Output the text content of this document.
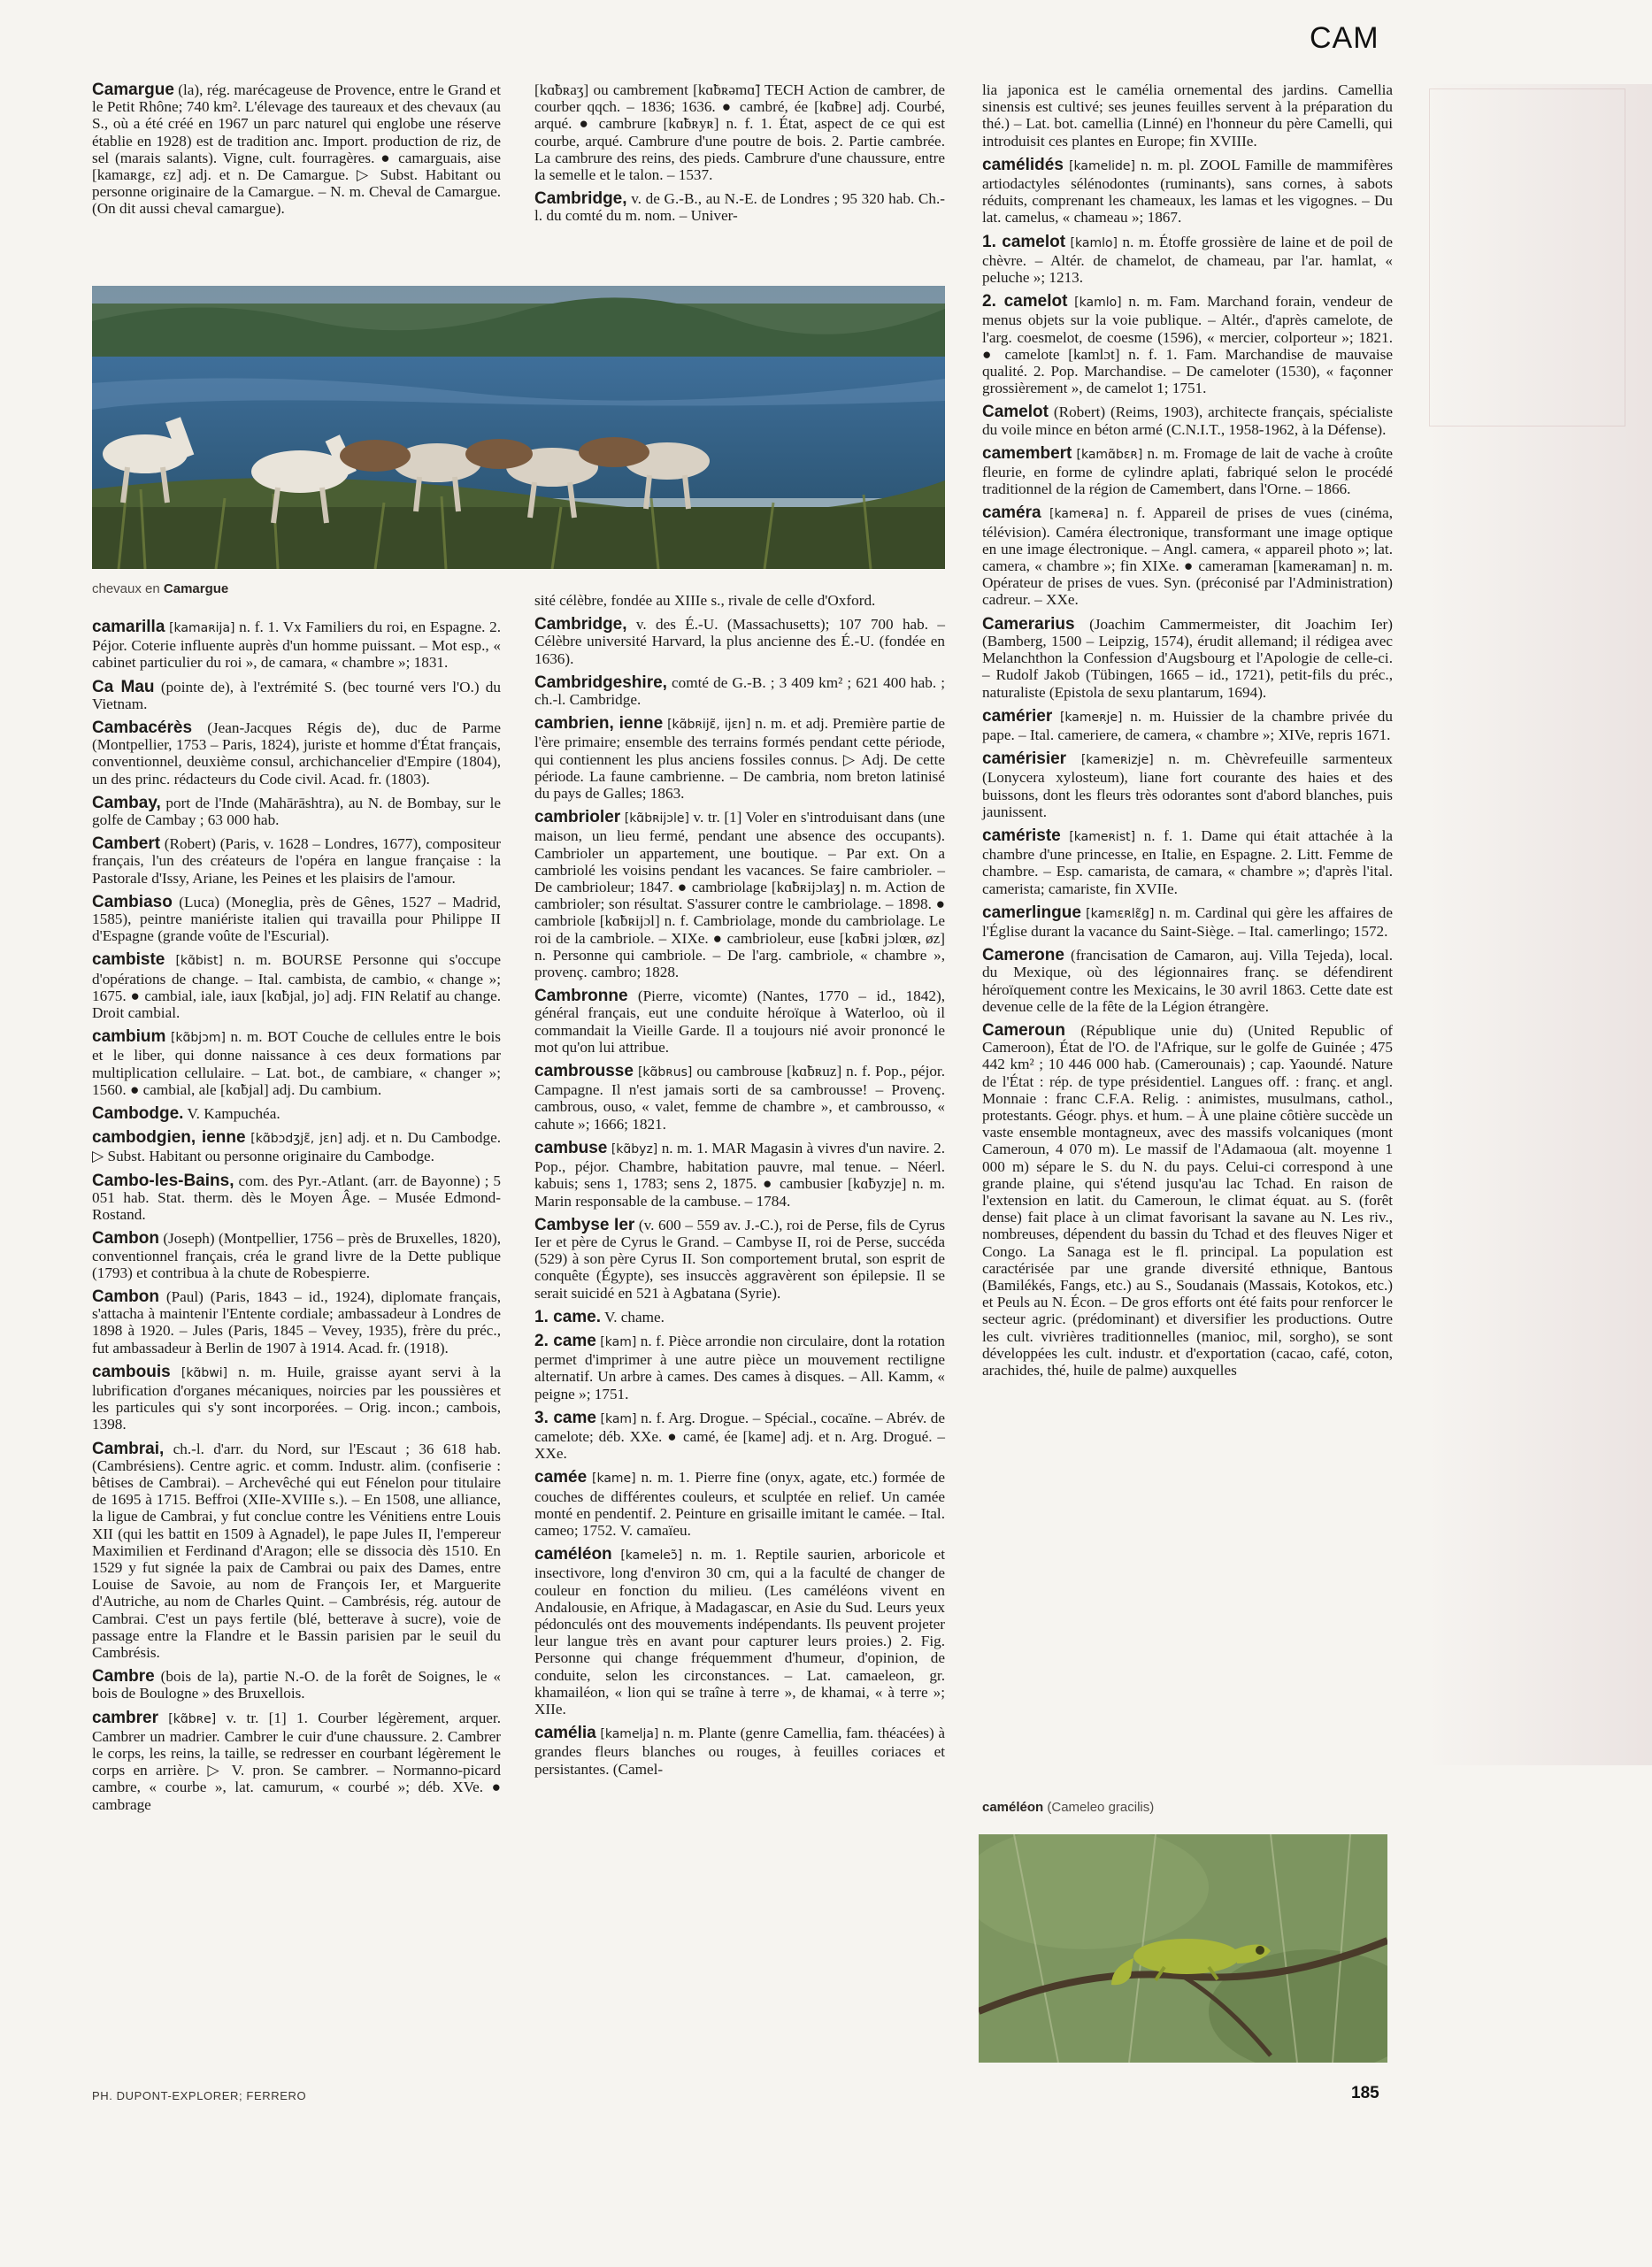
CAM

Camargue (la), rég. marécageuse de Provence, entre le Grand et le Petit Rhône; 740 km². L'élevage des taureaux et des chevaux (au S., où a été créé en 1967 un parc naturel qui englobe une réserve établie en 1928) est de tradition anc. Import. production de riz, de sel (marais salants). Vigne, cult. fourragères. ● camarguais, aise [kamaʀgɛ, ɛz] adj. et n. De Camargue. ▷ Subst. Habitant ou personne originaire de la Camargue. – N. m. Cheval de Camargue. (On dit aussi cheval camargue).

[kɑ̃bʀaʒ] ou cambrement [kɑ̃bʀəmɑ̃] TECH Action de cambrer, de courber qqch. – 1836; 1636. ● cambré, ée [kɑ̃bʀe] adj. Courbé, arqué. ● cambrure [kɑ̃bʀyʀ] n. f. 1. État, aspect de ce qui est courbe, arqué. Cambrure d'une poutre de bois. 2. Partie cambrée. La cambrure des reins, des pieds. Cambrure d'une chaussure, entre la semelle et le talon. – 1537.

Cambridge, v. de G.-B., au N.-E. de Londres ; 95 320 hab. Ch.-l. du comté du m. nom. – Univer-

chevaux en Camargue

camarilla [kamaʀija] n. f. 1. Vx Familiers du roi, en Espagne. 2. Péjor. Coterie influente auprès d'un homme puissant. – Mot esp., « cabinet particulier du roi », de camara, « chambre »; 1831.

Ca Mau (pointe de), à l'extrémité S. (bec tourné vers l'O.) du Vietnam.

Cambacérès (Jean-Jacques Régis de), duc de Parme (Montpellier, 1753 – Paris, 1824), juriste et homme d'État français, conventionnel, deuxième consul, archichancelier d'Empire (1804), un des princ. rédacteurs du Code civil. Acad. fr. (1803).

Cambay, port de l'Inde (Mahārāshtra), au N. de Bombay, sur le golfe de Cambay ; 63 000 hab.

Cambert (Robert) (Paris, v. 1628 – Londres, 1677), compositeur français, l'un des créateurs de l'opéra en langue française : la Pastorale d'Issy, Ariane, les Peines et les plaisirs de l'amour.

Cambiaso (Luca) (Moneglia, près de Gênes, 1527 – Madrid, 1585), peintre maniériste italien qui travailla pour Philippe II d'Espagne (grande voûte de l'Escurial).

cambiste [kɑ̃bist] n. m. BOURSE Personne qui s'occupe d'opérations de change. – Ital. cambista, de cambio, « change »; 1675. ● cambial, iale, iaux [kɑ̃bjal, jo] adj. FIN Relatif au change. Droit cambial.

cambium [kɑ̃bjɔm] n. m. BOT Couche de cellules entre le bois et le liber, qui donne naissance à ces deux formations par multiplication cellulaire. – Lat. bot., de cambiare, « changer »; 1560. ● cambial, ale [kɑ̃bjal] adj. Du cambium.

Cambodge. V. Kampuchéa.

cambodgien, ienne [kɑ̃bɔdʒjɛ̃, jɛn] adj. et n. Du Cambodge. ▷ Subst. Habitant ou personne originaire du Cambodge.

Cambo-les-Bains, com. des Pyr.-Atlant. (arr. de Bayonne) ; 5 051 hab. Stat. therm. dès le Moyen Âge. – Musée Edmond-Rostand.

Cambon (Joseph) (Montpellier, 1756 – près de Bruxelles, 1820), conventionnel français, créa le grand livre de la Dette publique (1793) et contribua à la chute de Robespierre.

Cambon (Paul) (Paris, 1843 – id., 1924), diplomate français, s'attacha à maintenir l'Entente cordiale; ambassadeur à Londres de 1898 à 1920. – Jules (Paris, 1845 – Vevey, 1935), frère du préc., fut ambassadeur à Berlin de 1907 à 1914. Acad. fr. (1918).

cambouis [kɑ̃bwi] n. m. Huile, graisse ayant servi à la lubrification d'organes mécaniques, noircies par les poussières et les particules qui s'y sont incorporées. – Orig. incon.; cambois, 1398.

Cambrai, ch.-l. d'arr. du Nord, sur l'Escaut ; 36 618 hab. (Cambrésiens). Centre agric. et comm. Industr. alim. (confiserie : bêtises de Cambrai). – Archevêché qui eut Fénelon pour titulaire de 1695 à 1715. Beffroi (XIIe-XVIIIe s.). – En 1508, une alliance, la ligue de Cambrai, y fut conclue contre les Vénitiens entre Louis XII (qui les battit en 1509 à Agnadel), le pape Jules II, l'empereur Maximilien et Ferdinand d'Aragon; elle se dissocia dès 1510. En 1529 y fut signée la paix de Cambrai ou paix des Dames, entre Louise de Savoie, au nom de François Ier, et Marguerite d'Autriche, au nom de Charles Quint. – Cambrésis, rég. autour de Cambrai. C'est un pays fertile (blé, betterave à sucre), voie de passage entre la Flandre et le Bassin parisien par le seuil du Cambrésis.

Cambre (bois de la), partie N.-O. de la forêt de Soignes, le « bois de Boulogne » des Bruxellois.

cambrer [kɑ̃bʀe] v. tr. [1] 1. Courber légèrement, arquer. Cambrer un madrier. Cambrer le cuir d'une chaussure. 2. Cambrer le corps, les reins, la taille, se redresser en courbant légèrement le corps en arrière. ▷ V. pron. Se cambrer. – Normanno-picard cambre, « courbe », lat. camurum, « courbé »; déb. XVe. ● cambrage

sité célèbre, fondée au XIIIe s., rivale de celle d'Oxford.

Cambridge, v. des É.-U. (Massachusetts); 107 700 hab. – Célèbre université Harvard, la plus ancienne des É.-U. (fondée en 1636).

Cambridgeshire, comté de G.-B. ; 3 409 km² ; 621 400 hab. ; ch.-l. Cambridge.

cambrien, ienne [kɑ̃bʀijɛ̃, ijɛn] n. m. et adj. Première partie de l'ère primaire; ensemble des terrains formés pendant cette période, qui contiennent les plus anciens fossiles connus. ▷ Adj. De cette période. La faune cambrienne. – De cambria, nom breton latinisé du pays de Galles; 1863.

cambrioler [kɑ̃bʀijɔle] v. tr. [1] Voler en s'introduisant dans (une maison, un lieu fermé, pendant une absence des occupants). Cambrioler un appartement, une boutique. – Par ext. On a cambriolé les voisins pendant les vacances. Se faire cambrioler. – De cambrioleur; 1847. ● cambriolage [kɑ̃bʀijɔlaʒ] n. m. Action de cambrioler; son résultat. S'assurer contre le cambriolage. – 1898. ● cambriole [kɑ̃bʀijɔl] n. f. Cambriolage, monde du cambriolage. Le roi de la cambriole. – XIXe. ● cambrioleur, euse [kɑ̃bʀi jɔlœʀ, øz] n. Personne qui cambriole. – De l'arg. cambriole, « chambre », provenç. cambro; 1828.

Cambronne (Pierre, vicomte) (Nantes, 1770 – id., 1842), général français, eut une conduite héroïque à Waterloo, où il commandait la Vieille Garde. Il a toujours nié avoir prononcé le mot qu'on lui attribue.

cambrousse [kɑ̃bʀus] ou cambrouse [kɑ̃bʀuz] n. f. Pop., péjor. Campagne. Il n'est jamais sorti de sa cambrousse! – Provenç. cambrous, ouso, « valet, femme de chambre », et cambrousso, « cahute »; 1666; 1821.

cambuse [kɑ̃byz] n. m. 1. MAR Magasin à vivres d'un navire. 2. Pop., péjor. Chambre, habitation pauvre, mal tenue. – Néerl. kabuis; sens 1, 1783; sens 2, 1875. ● cambusier [kɑ̃byzje] n. m. Marin responsable de la cambuse. – 1784.

Cambyse Ier (v. 600 – 559 av. J.-C.), roi de Perse, fils de Cyrus Ier et père de Cyrus le Grand. – Cambyse II, roi de Perse, succéda (529) à son père Cyrus II. Son comportement brutal, son esprit de conquête (Égypte), ses insuccès aggravèrent son épilepsie. Il se serait suicidé en 521 à Agbatana (Syrie).

1. came. V. chame.

2. came [kam] n. f. Pièce arrondie non circulaire, dont la rotation permet d'imprimer à une autre pièce un mouvement rectiligne alternatif. Un arbre à cames. Des cames à disques. – All. Kamm, « peigne »; 1751.

3. came [kam] n. f. Arg. Drogue. – Spécial., cocaïne. – Abrév. de camelote; déb. XXe. ● camé, ée [kame] adj. et n. Arg. Drogué. – XXe.

camée [kame] n. m. 1. Pierre fine (onyx, agate, etc.) formée de couches de différentes couleurs, et sculptée en relief. Un camée monté en pendentif. 2. Peinture en grisaille imitant le camée. – Ital. cameo; 1752. V. camaïeu.

caméléon [kameleɔ̃] n. m. 1. Reptile saurien, arboricole et insectivore, long d'environ 30 cm, qui a la faculté de changer de couleur en fonction du milieu. (Les caméléons vivent en Andalousie, en Afrique, à Madagascar, en Asie du Sud. Leurs yeux pédonculés ont des mouvements indépendants. Ils peuvent projeter leur langue très en avant pour capturer leurs proies.) 2. Fig. Personne qui change fréquemment d'humeur, d'opinion, de conduite, selon les circonstances. – Lat. camaeleon, gr. khamailéon, « lion qui se traîne à terre », de khamai, « à terre »; XIIe.

camélia [kamelja] n. m. Plante (genre Camellia, fam. théacées) à grandes fleurs blanches ou rouges, à feuilles coriaces et persistantes. (Camel-

lia japonica est le camélia ornemental des jardins. Camellia sinensis est cultivé; ses jeunes feuilles servent à la préparation du thé.) – Lat. bot. camellia (Linné) en l'honneur du père Camelli, qui introduisit ces plantes en Europe; fin XVIIIe.

camélidés [kamelide] n. m. pl. ZOOL Famille de mammifères artiodactyles sélénodontes (ruminants), sans cornes, à sabots réduits, comprenant les chameaux, les lamas et les vigognes. – Du lat. camelus, « chameau »; 1867.

1. camelot [kamlo] n. m. Étoffe grossière de laine et de poil de chèvre. – Altér. de chamelot, de chameau, par l'ar. hamlat, « peluche »; 1213.

2. camelot [kamlo] n. m. Fam. Marchand forain, vendeur de menus objets sur la voie publique. – Altér., d'après camelote, de l'arg. coesmelot, de coesme (1596), « mercier, colporteur »; 1821. ● camelote [kamlɔt] n. f. 1. Fam. Marchandise de mauvaise qualité. 2. Pop. Marchandise. – De cameloter (1530), « façonner grossièrement », de camelot 1; 1751.

Camelot (Robert) (Reims, 1903), architecte français, spécialiste du voile mince en béton armé (C.N.I.T., 1958-1962, à la Défense).

camembert [kamɑ̃bɛʀ] n. m. Fromage de lait de vache à croûte fleurie, en forme de cylindre aplati, fabriqué selon le procédé traditionnel de la région de Camembert, dans l'Orne. – 1866.

caméra [kameʀa] n. f. Appareil de prises de vues (cinéma, télévision). Caméra électronique, transformant une image optique en une image électronique. – Angl. camera, « appareil photo »; lat. camera, « chambre »; fin XIXe. ● cameraman [kameʀaman] n. m. Opérateur de prises de vues. Syn. (préconisé par l'Administration) cadreur. – XXe.

Camerarius (Joachim Cammermeister, dit Joachim Ier) (Bamberg, 1500 – Leipzig, 1574), érudit allemand; il rédigea avec Melanchthon la Confession d'Augsbourg et l'Apologie de celle-ci. – Rudolf Jakob (Tübingen, 1665 – id., 1721), petit-fils du préc., naturaliste (Epistola de sexu plantarum, 1694).

camérier [kameʀje] n. m. Huissier de la chambre privée du pape. – Ital. cameriere, de camera, « chambre »; XIVe, repris 1671.

camérisier [kameʀizje] n. m. Chèvrefeuille sarmenteux (Lonycera xylosteum), liane fort courante des haies et des buissons, dont les fleurs très odorantes sont d'abord blanches, puis jaunissent.

camériste [kameʀist] n. f. 1. Dame qui était attachée à la chambre d'une princesse, en Italie, en Espagne. 2. Litt. Femme de chambre. – Esp. camarista, de camara, « chambre »; d'après l'ital. camerista; camariste, fin XVIIe.

camerlingue [kamɛʀlɛ̃g] n. m. Cardinal qui gère les affaires de l'Église durant la vacance du Saint-Siège. – Ital. camerlingo; 1572.

Camerone (francisation de Camaron, auj. Villa Tejeda), local. du Mexique, où des légionnaires franç. se défendirent héroïquement contre les Mexicains, le 30 avril 1863. Cette date est devenue celle de la fête de la Légion étrangère.

Cameroun (République unie du) (United Republic of Cameroon), État de l'O. de l'Afrique, sur le golfe de Guinée ; 475 442 km² ; 10 446 000 hab. (Camerounais) ; cap. Yaoundé. Nature de l'État : rép. de type présidentiel. Langues off. : franç. et angl. Monnaie : franc C.F.A. Relig. : animistes, musulmans, cathol., protestants. Géogr. phys. et hum. – À une plaine côtière succède un vaste ensemble montagneux, avec des massifs volcaniques (mont Cameroun, 4 070 m). Le massif de l'Adamaoua (alt. moyenne 1 000 m) sépare le S. du N. du pays. Celui-ci correspond à une grande plaine, qui s'étend jusqu'au lac Tchad. En raison de l'extension en latit. du Cameroun, le climat équat. au S. (forêt dense) fait place à un climat favorisant la savane au N. Les riv., nombreuses, dépendent du bassin du Tchad et des fleuves Niger et Congo. La Sanaga est le fl. principal. La population est caractérisée par une grande diversité ethnique, Bantous (Bamilékés, Fangs, etc.) au S., Soudanais (Massais, Kotokos, etc.) et Peuls au N. Écon. – De gros efforts ont été faits pour renforcer le secteur agric. (prédominant) et diversifier les productions. Outre les cult. vivrières traditionnelles (manioc, mil, sorgho), se sont développées les cult. industr. et d'exportation (cacao, café, coton, arachides, thé, huile de palme) auxquelles

caméléon (Cameleo gracilis)
PH. DUPONT-EXPLORER; FERRERO	185
